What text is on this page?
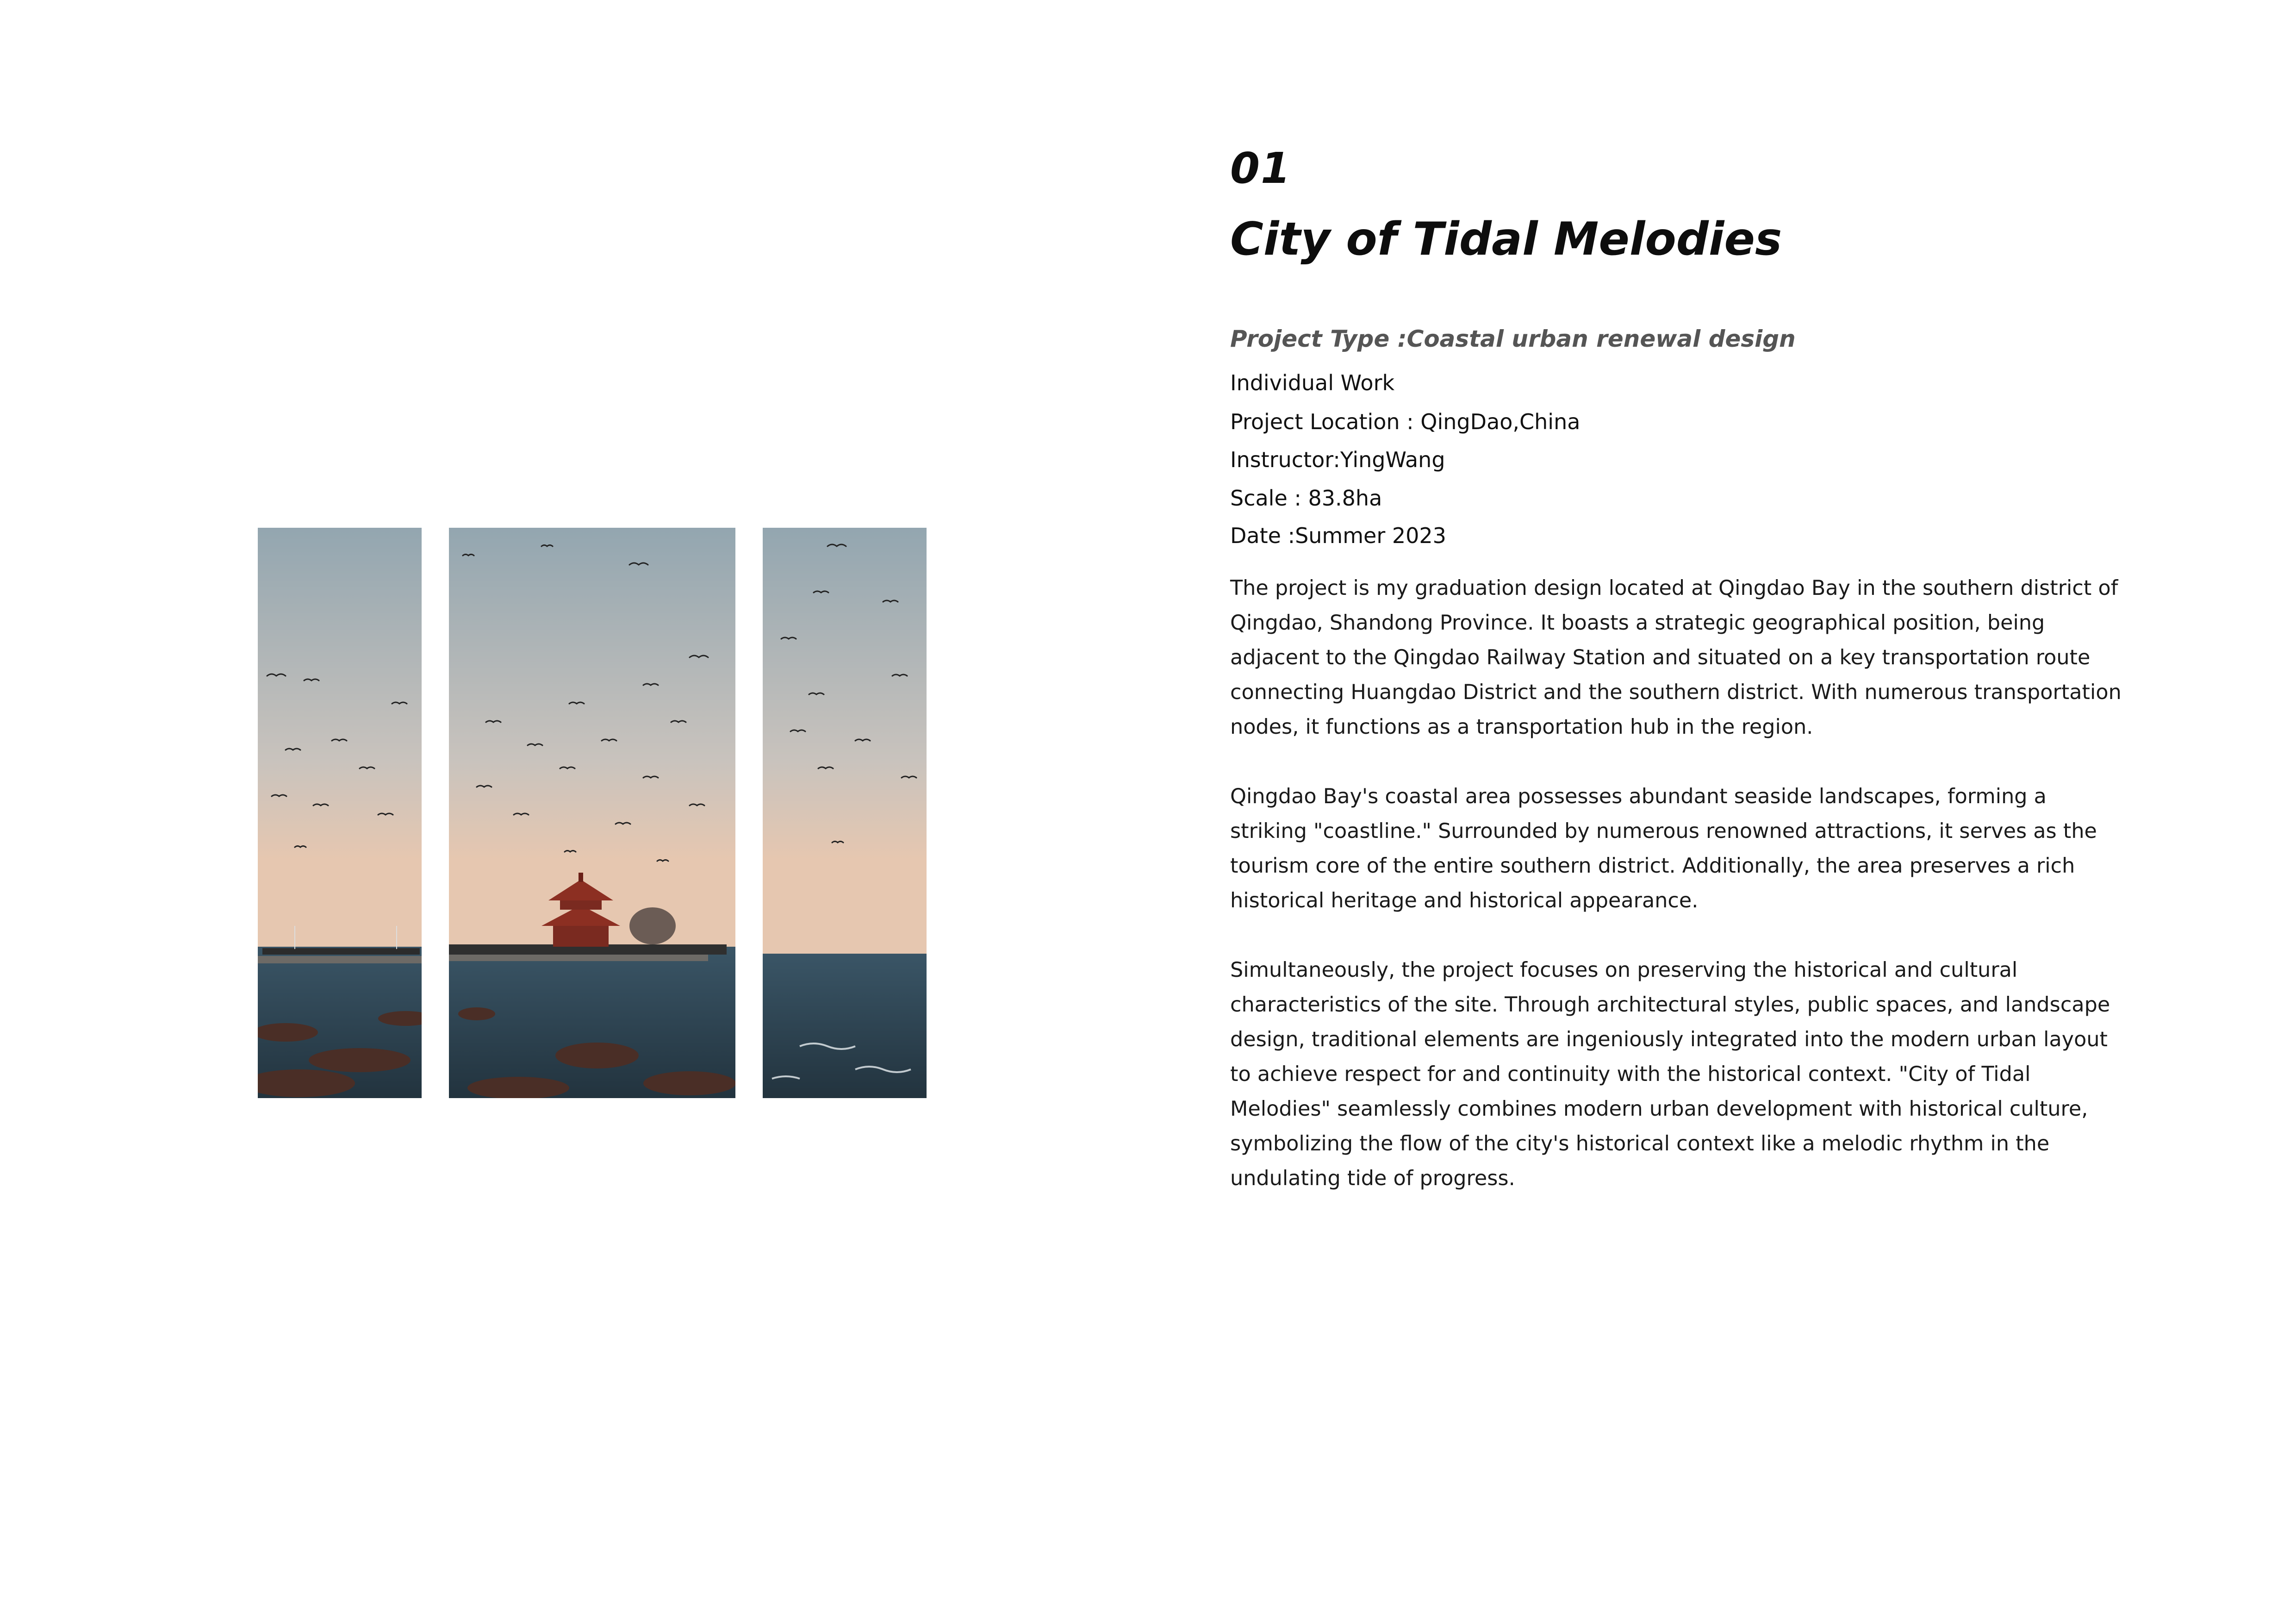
01
City of Tidal Melodies

Project Type :Coastal urban renewal design

Individual Work

Project Location : QingDao,China

Instructor:YingWang

Scale : 83.8ha

Date :Summer 2023

The project is my graduation design located at Qingdao Bay in the southern district of Qingdao, Shandong Province. It boasts a strategic geographical position, being adjacent to the Qingdao Railway Station and situated on a key transportation route connecting Huangdao District and the southern district. With numerous transportation nodes, it functions as a transportation hub in the region.

Qingdao Bay's coastal area possesses abundant seaside landscapes, forming a striking "coastline." Surrounded by numerous renowned attractions, it serves as the tourism core of the entire southern district. Additionally, the area preserves a rich historical heritage and historical appearance.

Simultaneously, the project focuses on preserving the historical and cultural characteristics of the site. Through architectural styles, public spaces, and landscape design, traditional elements are ingeniously integrated into the modern urban layout to achieve respect for and continuity with the historical context. "City of Tidal Melodies" seamlessly combines modern urban development with historical culture, symbolizing the flow of the city's historical context like a melodic rhythm in the undulating tide of progress.
